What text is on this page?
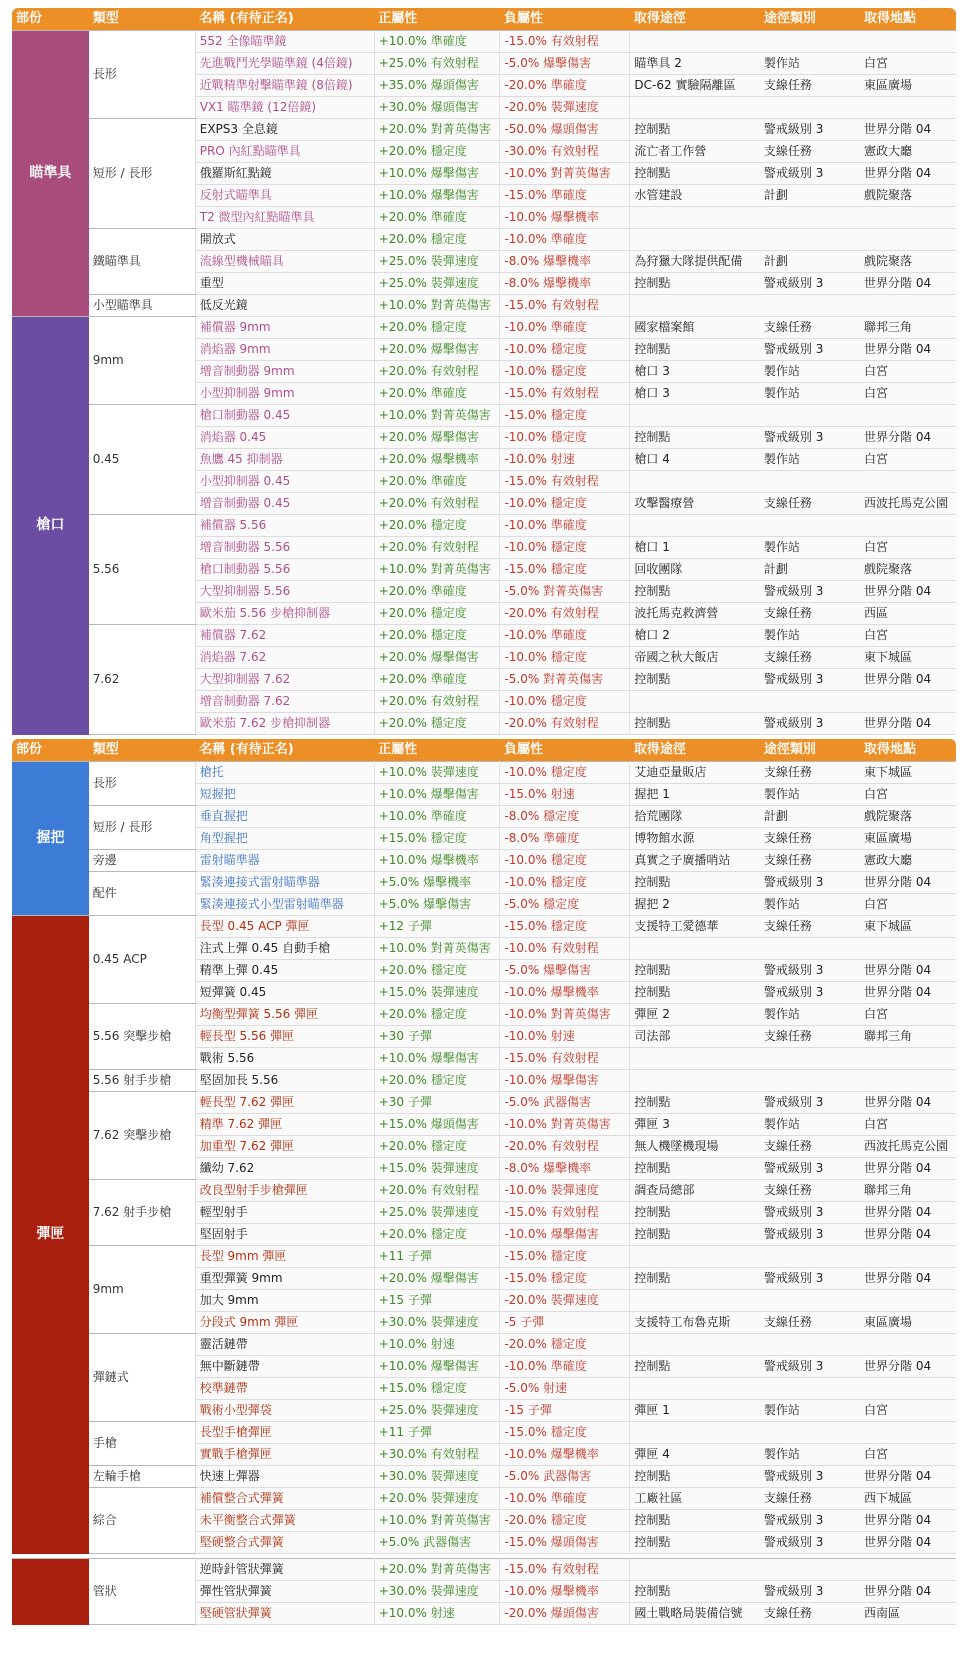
部份	類型	名稱 (有待正名)	正屬性	負屬性	取得途徑	途徑類別	取得地點
瞄準具	長形	552 全像瞄準鏡	+10.0% 準確度	-15.0% 有效射程			
		先進戰鬥光學瞄準鏡 (4倍鏡)	+25.0% 有效射程	-5.0% 爆擊傷害	瞄準具 2	製作站	白宮
		近戰精準射擊瞄準鏡 (8倍鏡)	+35.0% 爆頭傷害	-20.0% 準確度	DC-62 實驗隔離區	支線任務	東區廣場
		VX1 瞄準鏡 (12倍鏡)	+30.0% 爆頭傷害	-20.0% 裝彈速度			
	短形 / 長形	EXPS3 全息鏡	+20.0% 對菁英傷害	-50.0% 爆頭傷害	控制點	警戒級別 3	世界分階 04
		PRO 內紅點瞄準具	+20.0% 穩定度	-30.0% 有效射程	流亡者工作營	支線任務	憲政大廳
		俄羅斯紅點鏡	+10.0% 爆擊傷害	-10.0% 對菁英傷害	控制點	警戒級別 3	世界分階 04
		反射式瞄準具	+10.0% 爆擊傷害	-15.0% 準確度	水管建設	計劃	戲院聚落
		T2 微型內紅點瞄準具	+20.0% 準確度	-10.0% 爆擊機率			
	鐵瞄準具	開放式	+20.0% 穩定度	-10.0% 準確度			
		流線型機械瞄具	+25.0% 裝彈速度	-8.0% 爆擊機率	為狩獵大隊提供配備	計劃	戲院聚落
		重型	+25.0% 裝彈速度	-8.0% 爆擊機率	控制點	警戒級別 3	世界分階 04
	小型瞄準具	低反光鏡	+10.0% 對菁英傷害	-15.0% 有效射程			
槍口	9mm	補償器 9mm	+20.0% 穩定度	-10.0% 準確度	國家檔案館	支線任務	聯邦三角
		消焰器 9mm	+20.0% 爆擊傷害	-10.0% 穩定度	控制點	警戒級別 3	世界分階 04
		增音制動器 9mm	+20.0% 有效射程	-10.0% 穩定度	槍口 3	製作站	白宮
		小型抑制器 9mm	+20.0% 準確度	-15.0% 有效射程	槍口 3	製作站	白宮
	0.45	槍口制動器 0.45	+10.0% 對菁英傷害	-15.0% 穩定度			
		消焰器 0.45	+20.0% 爆擊傷害	-10.0% 穩定度	控制點	警戒級別 3	世界分階 04
		魚鷹 45 抑制器	+20.0% 爆擊機率	-10.0% 射速	槍口 4	製作站	白宮
		小型抑制器 0.45	+20.0% 準確度	-15.0% 有效射程			
		增音制動器 0.45	+20.0% 有效射程	-10.0% 穩定度	攻擊醫療營	支線任務	西波托馬克公園
	5.56	補償器 5.56	+20.0% 穩定度	-10.0% 準確度			
		增音制動器 5.56	+20.0% 有效射程	-10.0% 穩定度	槍口 1	製作站	白宮
		槍口制動器 5.56	+10.0% 對菁英傷害	-15.0% 穩定度	回收團隊	計劃	戲院聚落
		大型抑制器 5.56	+20.0% 準確度	-5.0% 對菁英傷害	控制點	警戒級別 3	世界分階 04
		歐米茄 5.56 步槍抑制器	+20.0% 穩定度	-20.0% 有效射程	波托馬克救濟營	支線任務	西區
	7.62	補償器 7.62	+20.0% 穩定度	-10.0% 準確度	槍口 2	製作站	白宮
		消焰器 7.62	+20.0% 爆擊傷害	-10.0% 穩定度	帝國之秋大飯店	支線任務	東下城區
		大型抑制器 7.62	+20.0% 準確度	-5.0% 對菁英傷害	控制點	警戒級別 3	世界分階 04
		增音制動器 7.62	+20.0% 有效射程	-10.0% 穩定度			
		歐米茄 7.62 步槍抑制器	+20.0% 穩定度	-20.0% 有效射程	控制點	警戒級別 3	世界分階 04
部份	類型	名稱 (有待正名)	正屬性	負屬性	取得途徑	途徑類別	取得地點
握把	長形	槍托	+10.0% 裝彈速度	-10.0% 穩定度	艾迪亞量販店	支線任務	東下城區
		短握把	+10.0% 爆擊傷害	-15.0% 射速	握把 1	製作站	白宮
	短形 / 長形	垂直握把	+10.0% 準確度	-8.0% 穩定度	拾荒團隊	計劃	戲院聚落
		角型握把	+15.0% 穩定度	-8.0% 準確度	博物館水源	支線任務	東區廣場
	旁邊	雷射瞄準器	+10.0% 爆擊機率	-10.0% 穩定度	真實之子廣播哨站	支線任務	憲政大廳
	配件	緊湊連接式雷射瞄準器	+5.0% 爆擊機率	-10.0% 穩定度	控制點	警戒級別 3	世界分階 04
		緊湊連接式小型雷射瞄準器	+5.0% 爆擊傷害	-5.0% 穩定度	握把 2	製作站	白宮
彈匣	0.45 ACP	長型 0.45 ACP 彈匣	+12 子彈	-15.0% 穩定度	支援特工愛德華	支線任務	東下城區
		注式上彈 0.45 自動手槍	+10.0% 對菁英傷害	-10.0% 有效射程			
		精準上彈 0.45	+20.0% 穩定度	-5.0% 爆擊傷害	控制點	警戒級別 3	世界分階 04
		短彈簧 0.45	+15.0% 裝彈速度	-10.0% 爆擊機率	控制點	警戒級別 3	世界分階 04
	5.56 突擊步槍	均衡型彈簧 5.56 彈匣	+20.0% 穩定度	-10.0% 對菁英傷害	彈匣 2	製作站	白宮
		輕長型 5.56 彈匣	+30 子彈	-10.0% 射速	司法部	支線任務	聯邦三角
		戰術 5.56	+10.0% 爆擊傷害	-15.0% 有效射程			
	5.56 射手步槍	堅固加長 5.56	+20.0% 穩定度	-10.0% 爆擊傷害			
	7.62 突擊步槍	輕長型 7.62 彈匣	+30 子彈	-5.0% 武器傷害	控制點	警戒級別 3	世界分階 04
		精準 7.62 彈匣	+15.0% 爆頭傷害	-10.0% 對菁英傷害	彈匣 3	製作站	白宮
		加重型 7.62 彈匣	+20.0% 穩定度	-20.0% 有效射程	無人機墜機現場	支線任務	西波托馬克公園
		纖幼 7.62	+15.0% 裝彈速度	-8.0% 爆擊機率	控制點	警戒級別 3	世界分階 04
	7.62 射手步槍	改良型射手步槍彈匣	+20.0% 有效射程	-10.0% 裝彈速度	調查局總部	支線任務	聯邦三角
		輕型射手	+25.0% 裝彈速度	-15.0% 有效射程	控制點	警戒級別 3	世界分階 04
		堅固射手	+20.0% 穩定度	-10.0% 爆擊傷害	控制點	警戒級別 3	世界分階 04
	9mm	長型 9mm 彈匣	+11 子彈	-15.0% 穩定度			
		重型彈簧 9mm	+20.0% 爆擊傷害	-15.0% 穩定度	控制點	警戒級別 3	世界分階 04
		加大 9mm	+15 子彈	-20.0% 裝彈速度			
		分段式 9mm 彈匣	+30.0% 裝彈速度	-5 子彈	支援特工布魯克斯	支線任務	東區廣場
	彈鏈式	靈活鏈帶	+10.0% 射速	-20.0% 穩定度			
		無中斷鏈帶	+10.0% 爆擊傷害	-10.0% 準確度	控制點	警戒級別 3	世界分階 04
		校準鏈帶	+15.0% 穩定度	-5.0% 射速			
		戰術小型彈袋	+25.0% 裝彈速度	-15 子彈	彈匣 1	製作站	白宮
	手槍	長型手槍彈匣	+11 子彈	-15.0% 穩定度			
		實戰手槍彈匣	+30.0% 有效射程	-10.0% 爆擊機率	彈匣 4	製作站	白宮
	左輪手槍	快速上彈器	+30.0% 裝彈速度	-5.0% 武器傷害	控制點	警戒級別 3	世界分階 04
	綜合	補償整合式彈簧	+20.0% 裝彈速度	-10.0% 準確度	工廠社區	支線任務	西下城區
		未平衡整合式彈簧	+10.0% 對菁英傷害	-20.0% 穩定度	控制點	警戒級別 3	世界分階 04
		堅硬整合式彈簧	+5.0% 武器傷害	-15.0% 爆頭傷害	控制點	警戒級別 3	世界分階 04
	管狀	逆時針管狀彈簧	+20.0% 對菁英傷害	-15.0% 有效射程			
		彈性管狀彈簧	+30.0% 裝彈速度	-10.0% 爆擊機率	控制點	警戒級別 3	世界分階 04
		堅硬管狀彈簧	+10.0% 射速	-20.0% 爆頭傷害	國土戰略局裝備信號	支線任務	西南區
